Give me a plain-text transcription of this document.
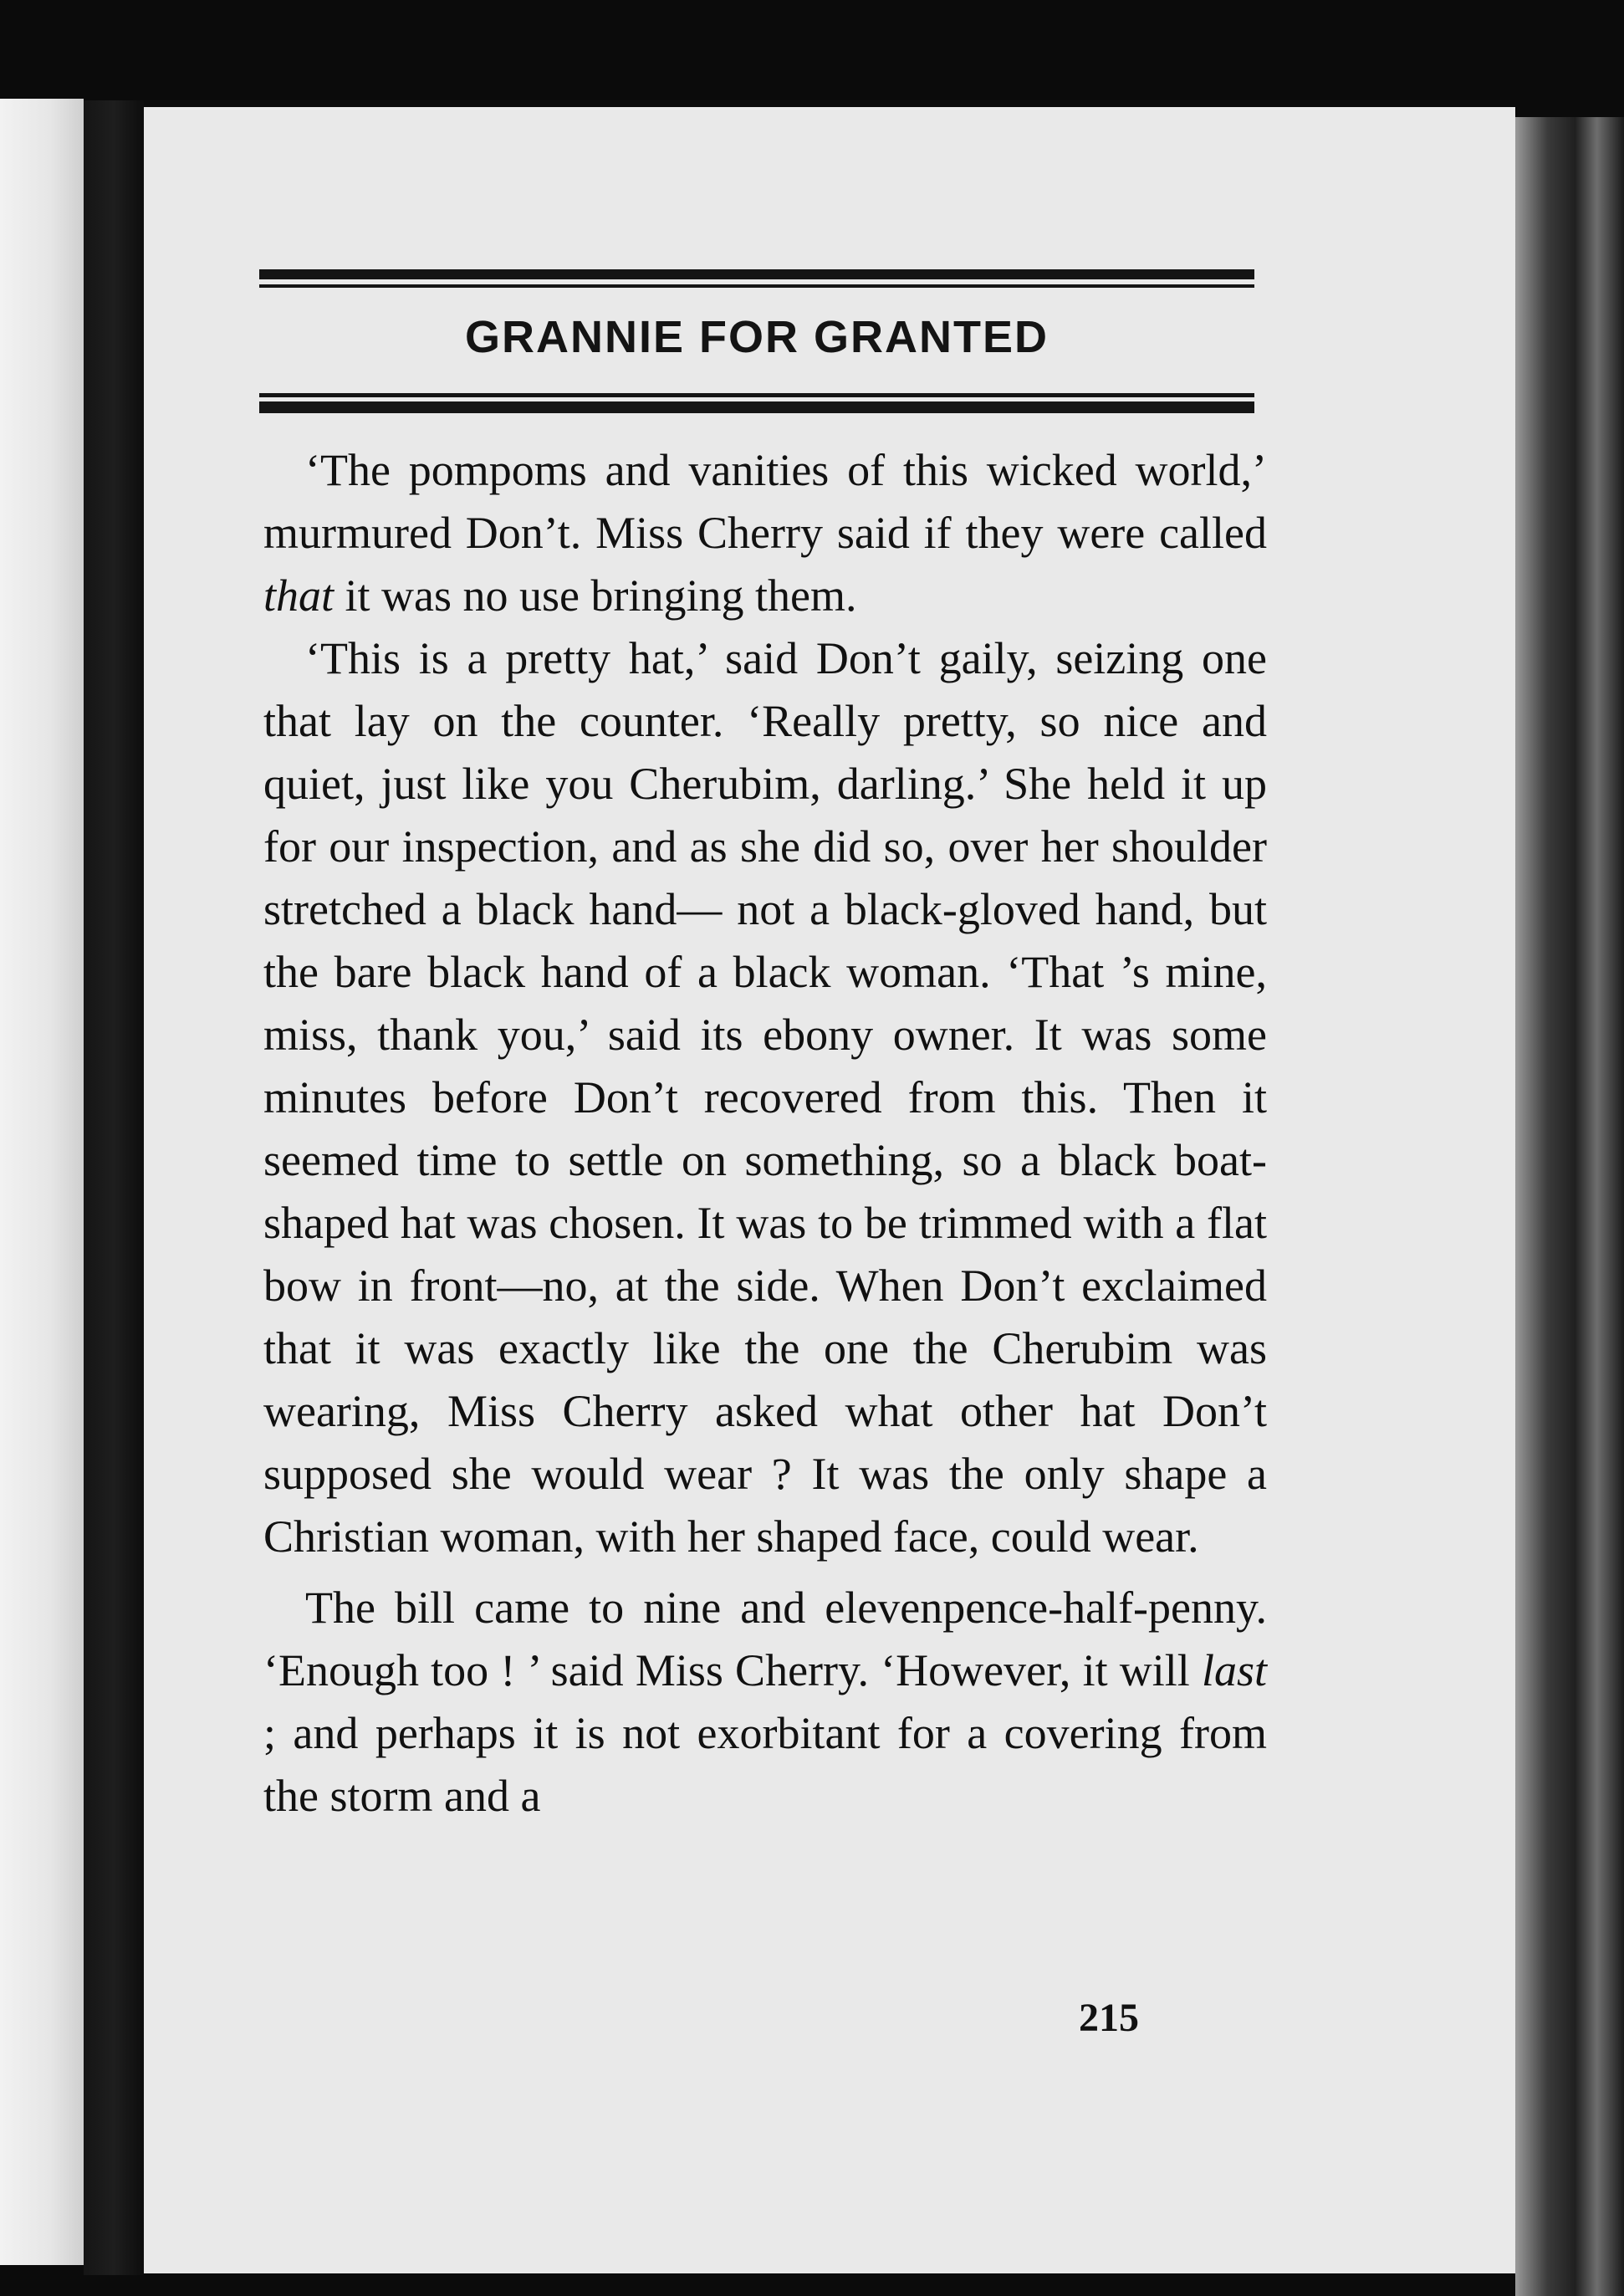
GRANNIE FOR GRANTED

‘The pompoms and vanities of this wicked world,’ murmured Don’t. Miss Cherry said if they were called that it was no use bringing them.

‘This is a pretty hat,’ said Don’t gaily, seizing one that lay on the counter. ‘Really pretty, so nice and quiet, just like you Cherubim, darling.’ She held it up for our inspection, and as she did so, over her shoulder stretched a black hand— not a black-gloved hand, but the bare black hand of a black woman. ‘That ’s mine, miss, thank you,’ said its ebony owner. It was some minutes before Don’t recovered from this. Then it seemed time to settle on something, so a black boat-shaped hat was chosen. It was to be trimmed with a flat bow in front—no, at the side. When Don’t exclaimed that it was exactly like the one the Cherubim was wearing, Miss Cherry asked what other hat Don’t supposed she would wear ? It was the only shape a Christian woman, with her shaped face, could wear.

The bill came to nine and elevenpence-half-penny. ‘Enough too ! ’ said Miss Cherry. ‘However, it will last ; and perhaps it is not exorbitant for a covering from the storm and a

215
